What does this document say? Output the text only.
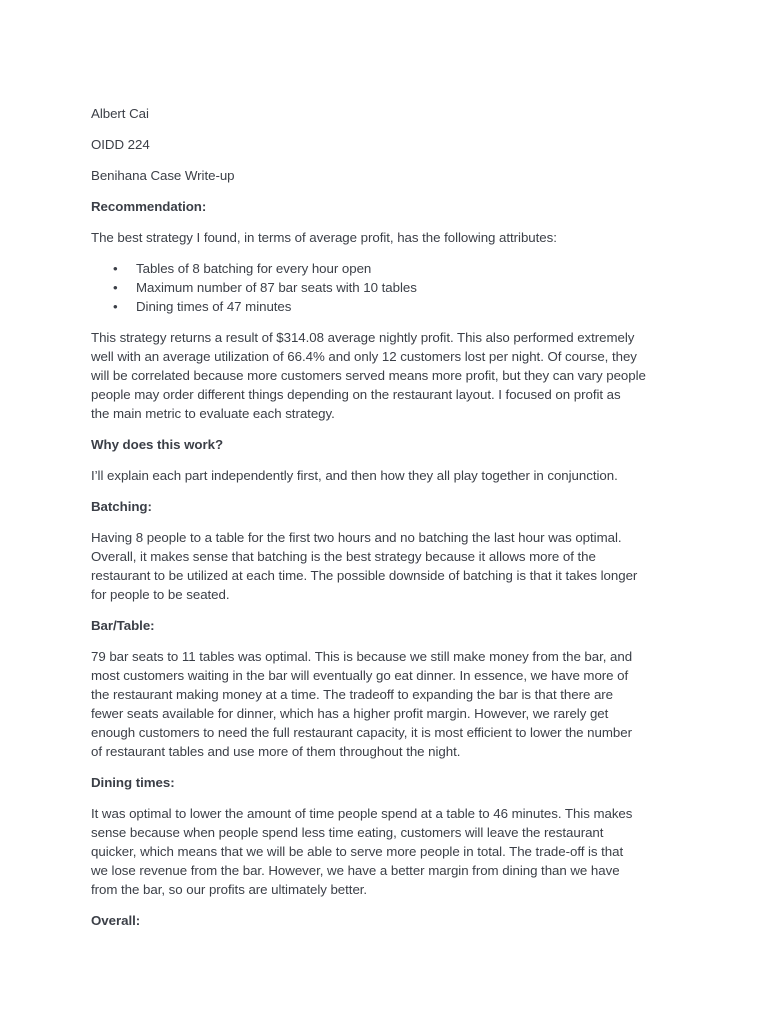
Albert Cai
OIDD 224
Benihana Case Write-up
Recommendation:
The best strategy I found, in terms of average profit, has the following attributes:
• Tables of 8 batching for every hour open
• Maximum number of 87 bar seats with 10 tables
• Dining times of 47 minutes
This strategy returns a result of $314.08 average nightly profit. This also performed extremely
well with an average utilization of 66.4% and only 12 customers lost per night. Of course, they
will be correlated because more customers served means more profit, but they can vary people
people may order different things depending on the restaurant layout. I focused on profit as
the main metric to evaluate each strategy.
Why does this work?
I’ll explain each part independently first, and then how they all play together in conjunction.
Batching:
Having 8 people to a table for the first two hours and no batching the last hour was optimal.
Overall, it makes sense that batching is the best strategy because it allows more of the
restaurant to be utilized at each time. The possible downside of batching is that it takes longer
for people to be seated.
Bar/Table:
79 bar seats to 11 tables was optimal. This is because we still make money from the bar, and
most customers waiting in the bar will eventually go eat dinner. In essence, we have more of
the restaurant making money at a time. The tradeoff to expanding the bar is that there are
fewer seats available for dinner, which has a higher profit margin. However, we rarely get
enough customers to need the full restaurant capacity, it is most efficient to lower the number
of restaurant tables and use more of them throughout the night.
Dining times:
It was optimal to lower the amount of time people spend at a table to 46 minutes. This makes
sense because when people spend less time eating, customers will leave the restaurant
quicker, which means that we will be able to serve more people in total. The trade-off is that
we lose revenue from the bar. However, we have a better margin from dining than we have
from the bar, so our profits are ultimately better.
Overall:
